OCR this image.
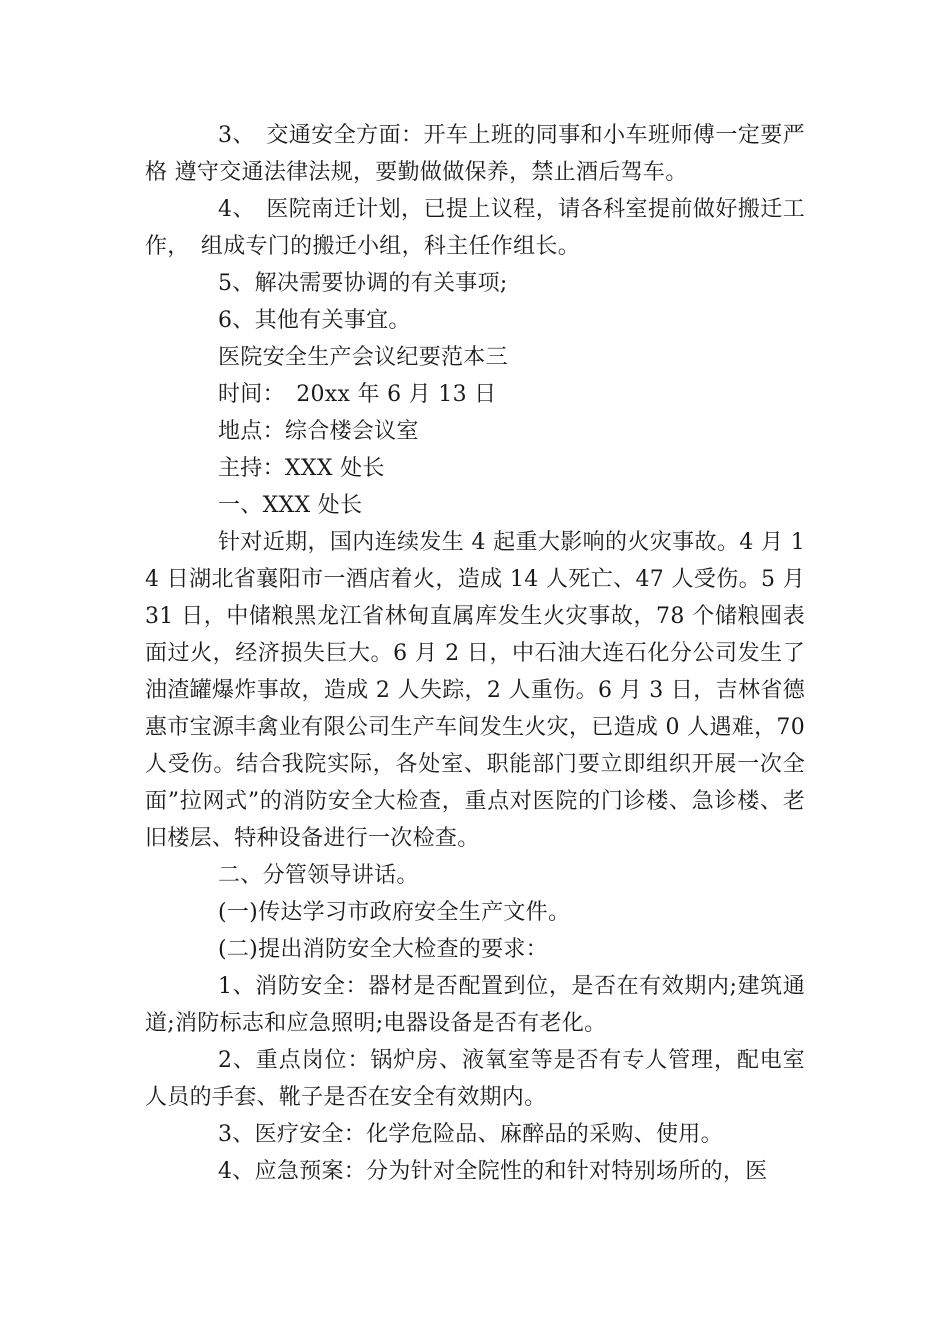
3、　交通安全方面：开车上班的同事和小车班师傅一定要严格 遵守交通法律法规，要勤做做保养，禁止酒后驾车。

4、　医院南迁计划，已提上议程，请各科室提前做好搬迁工作，　组成专门的搬迁小组，科主任作组长。

5、解决需要协调的有关事项;

6、其他有关事宜。

医院安全生产会议纪要范本三

时间：　20xx 年 6 月 13 日

地点：综合楼会议室

主持：XXX 处长

一、XXX 处长

针对近期，国内连续发生 4 起重大影响的火灾事故。4 月 14 日湖北省襄阳市一酒店着火，造成 14 人死亡、47 人受伤。5 月 31 日，中储粮黑龙江省林甸直属库发生火灾事故，78 个储粮囤表面过火，经济损失巨大。6 月 2 日，中石油大连石化分公司发生了油渣罐爆炸事故，造成 2 人失踪，2 人重伤。6 月 3 日，吉林省德惠市宝源丰禽业有限公司生产车间发生火灾，已造成 0 人遇难，70 人受伤。结合我院实际，各处室、职能部门要立即组织开展一次全面”拉网式”的消防安全大检查，重点对医院的门诊楼、急诊楼、老旧楼层、特种设备进行一次检查。

二、分管领导讲话。

(一)传达学习市政府安全生产文件。

(二)提出消防安全大检查的要求：

1、消防安全：器材是否配置到位，是否在有效期内;建筑通道;消防标志和应急照明;电器设备是否有老化。

2、重点岗位：锅炉房、液氧室等是否有专人管理，配电室人员的手套、靴子是否在安全有效期内。

3、医疗安全：化学危险品、麻醉品的采购、使用。

4、应急预案：分为针对全院性的和针对特别场所的，医
